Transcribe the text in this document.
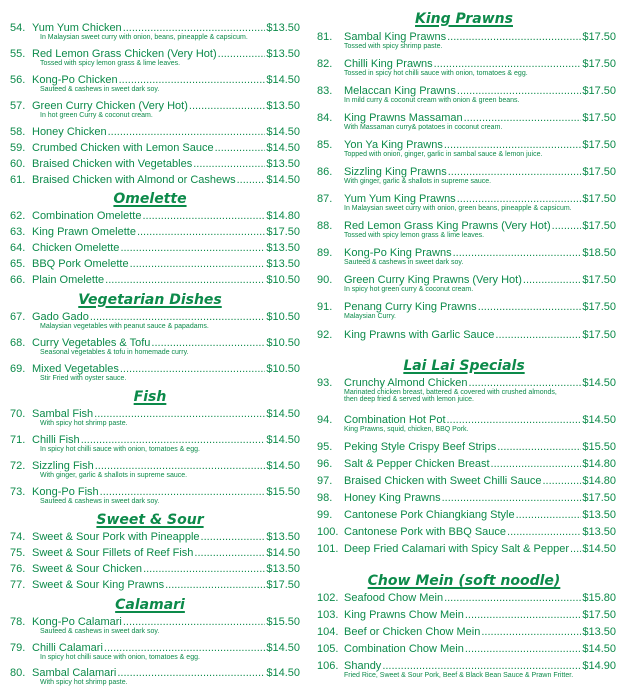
54. Yum Yum Chicken .....	$13.50
In Malaysian sweet curry with onion, beans, pineapple & capsicum.
55. Red Lemon Grass Chicken (Very Hot) .....	$13.50
Tossed with spicy lemon grass & lime leaves.
56. Kong-Po Chicken .....	$14.50
Sauteed & cashews in sweet dark soy.
57. Green Curry Chicken (Very Hot) .....	$13.50
In hot green Curry & coconut cream.
58. Honey Chicken .....	$14.50
59. Crumbed Chicken with Lemon Sauce .....	$14.50
60. Braised Chicken with Vegetables .....	$13.50
61. Braised Chicken with Almond or Cashews .....	$14.50
Omelette
62. Combination Omelette .....	$14.80
63. King Prawn Omelette .....	$17.50
64. Chicken Omelette .....	$13.50
65. BBQ Pork Omelette .....	$13.50
66. Plain Omelette .....	$10.50
Vegetarian Dishes
67. Gado Gado .....	$10.50
Malaysian vegetables with peanut sauce & papadams.
68. Curry Vegetables & Tofu .....	$10.50
Seasonal vegetables & tofu in homemade curry.
69. Mixed Vegetables .....	$10.50
Stir Fried with oyster sauce.
Fish
70. Sambal Fish .....	$14.50
With spicy hot shrimp paste.
71. Chilli Fish .....	$14.50
In spicy hot chilli sauce with onion, tomatoes & egg.
72. Sizzling Fish .....	$14.50
With ginger, garlic & shallots in supreme sauce.
73. Kong-Po Fish .....	$15.50
Sauteed & cashews in sweet dark soy.
Sweet & Sour
74. Sweet & Sour Pork with Pineapple .....	$13.50
75. Sweet & Sour Fillets of Reef Fish .....	$14.50
76. Sweet & Sour Chicken .....	$13.50
77. Sweet & Sour King Prawns .....	$17.50
Calamari
78. Kong-Po Calamari .....	$15.50
Sauteed & cashews in sweet dark soy.
79. Chilli Calamari .....	$14.50
In spicy hot chilli sauce with onion, tomatoes & egg.
80. Sambal Calamari .....	$14.50
With spicy hot shrimp paste.
King Prawns
81.	Sambal King Prawns .....	$17.50
Tossed with spicy shrimp paste.
82.	Chilli King Prawns .....	$17.50
Tossed in spicy hot chilli sauce with onion, tomatoes & egg.
83.	Melaccan King Prawns .....	$17.50
In mild curry & coconut cream with onion & green beans.
84.	King Prawns Massaman .....	$17.50
With Massaman curry& potatoes in coconut cream.
85.	Yon Ya King Prawns .....	$17.50
Topped with onion, ginger, garlic in sambal sauce & lemon juice.
86.	Sizzling King Prawns .....	$17.50
With ginger, garlic & shallots in supreme sauce.
87.	Yum Yum King Prawns .....	$17.50
In Malaysian sweet curry with onion, green beans, pineapple & capsicum.
88.	Red Lemon Grass King Prawns (Very Hot) .....	$17.50
Tossed with spicy lemon grass & lime leaves.
89.	Kong-Po King Prawns .....	$18.50
Sauteed & cashews in sweet dark soy.
90.	Green Curry King Prawns (Very Hot) .....	$17.50
In spicy hot green curry & coconut cream.
91.	Penang Curry King Prawns .....	$17.50
Malaysian Curry.
92.	King Prawns with Garlic Sauce .....	$17.50
Lai Lai Specials
93.	Crunchy Almond Chicken .....	$14.50
Marinated chicken breast, battered & covered with crushed almonds,
then deep fried & served with lemon juice.
94.	Combination Hot Pot .....	$14.50
King Prawns, squid, chicken, BBQ Pork.
95.	Peking Style Crispy Beef Strips .....	$15.50
96.	Salt & Pepper Chicken Breast .....	$14.80
97.	Braised Chicken with Sweet Chilli Sauce .....	$14.80
98.	Honey King Prawns .....	$17.50
99.	Cantonese Pork Chiangkiang Style .....	$13.50
100. Cantonese Pork with BBQ Sauce .....	$13.50
101. Deep Fried Calamari with Spicy Salt & Pepper ..... $14.50
Chow Mein (soft noodle)
102. Seafood Chow Mein .....	$15.80
103. King Prawns Chow Mein .....	$17.50
104. Beef or Chicken Chow Mein .....	$13.50
105. Combination Chow Mein .....	$14.50
106. Shandy .....	$14.90
Fried Rice, Sweet & Sour Pork, Beef & Black Bean Sauce & Prawn Fritter.
